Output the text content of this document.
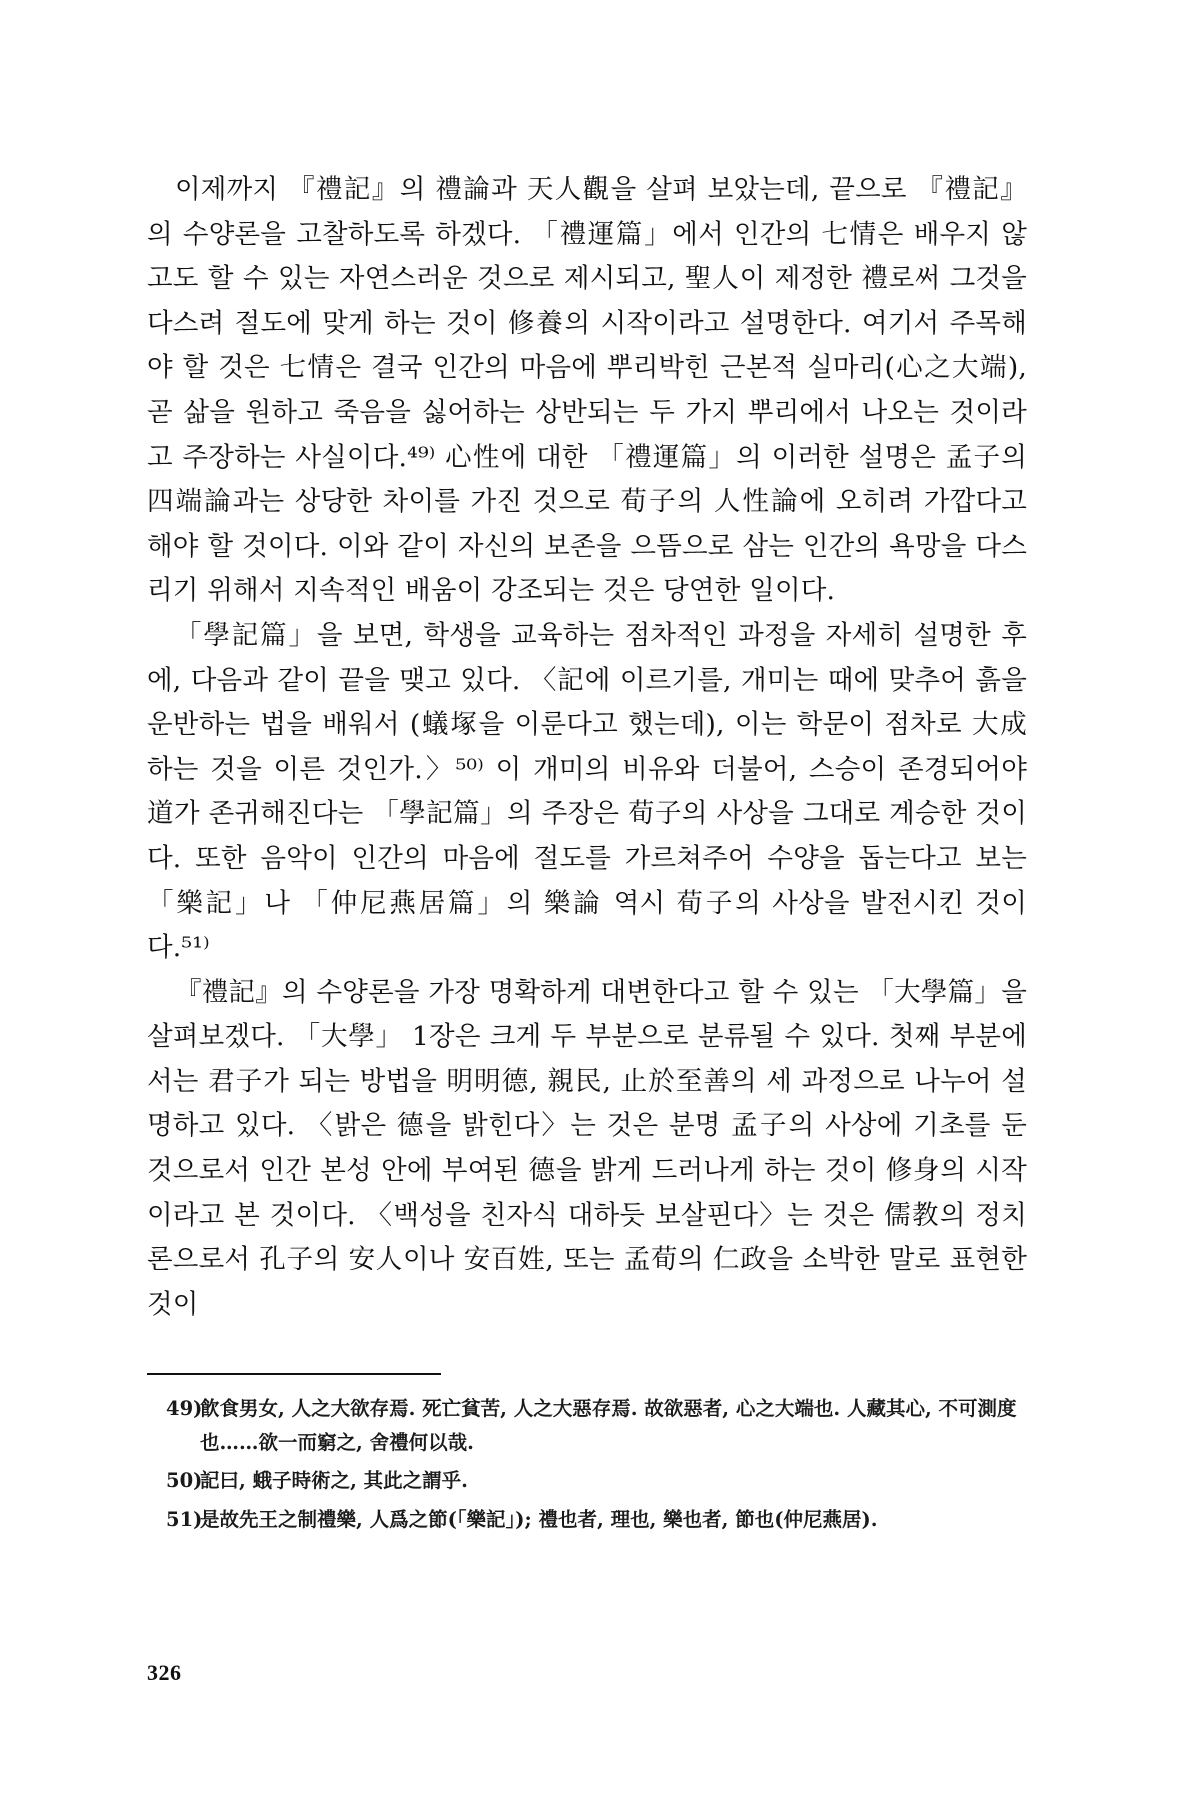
이제까지 『禮記』의 禮論과 天人觀을 살펴 보았는데, 끝으로 『禮記』의 수양론을 고찰하도록 하겠다. 「禮運篇」에서 인간의 七情은 배우지 않고도 할 수 있는 자연스러운 것으로 제시되고, 聖人이 제정한 禮로써 그것을 다스려 절도에 맞게 하는 것이 修養의 시작이라고 설명한다. 여기서 주목해야 할 것은 七情은 결국 인간의 마음에 뿌리박힌 근본적 실마리(心之大端), 곧 삶을 원하고 죽음을 싫어하는 상반되는 두 가지 뿌리에서 나오는 것이라고 주장하는 사실이다.⁴⁹⁾ 心性에 대한 「禮運篇」의 이러한 설명은 孟子의 四端論과는 상당한 차이를 가진 것으로 荀子의 人性論에 오히려 가깝다고 해야 할 것이다. 이와 같이 자신의 보존을 으뜸으로 삼는 인간의 욕망을 다스리기 위해서 지속적인 배움이 강조되는 것은 당연한 일이다.

「學記篇」을 보면, 학생을 교육하는 점차적인 과정을 자세히 설명한 후에, 다음과 같이 끝을 맺고 있다. 〈記에 이르기를, 개미는 때에 맞추어 흙을 운반하는 법을 배워서 (蟻塚을 이룬다고 했는데), 이는 학문이 점차로 大成하는 것을 이른 것인가.〉⁵⁰⁾ 이 개미의 비유와 더불어, 스승이 존경되어야 道가 존귀해진다는 「學記篇」의 주장은 荀子의 사상을 그대로 계승한 것이다. 또한 음악이 인간의 마음에 절도를 가르쳐주어 수양을 돕는다고 보는 「樂記」나 「仲尼燕居篇」의 樂論 역시 荀子의 사상을 발전시킨 것이다.⁵¹⁾

『禮記』의 수양론을 가장 명확하게 대변한다고 할 수 있는 「大學篇」을 살펴보겠다. 「大學」 1장은 크게 두 부분으로 분류될 수 있다. 첫째 부분에서는 君子가 되는 방법을 明明德, 親民, 止於至善의 세 과정으로 나누어 설명하고 있다. 〈밝은 德을 밝힌다〉는 것은 분명 孟子의 사상에 기초를 둔 것으로서 인간 본성 안에 부여된 德을 밝게 드러나게 하는 것이 修身의 시작이라고 본 것이다. 〈백성을 친자식 대하듯 보살핀다〉는 것은 儒教의 정치론으로서 孔子의 安人이나 安百姓, 또는 孟荀의 仁政을 소박한 말로 표현한 것이

49)飮食男女, 人之大欲存焉. 死亡貧苦, 人之大惡存焉. 故欲惡者, 心之大端也. 人藏其心, 不可測度也……欲一而窮之, 舍禮何以哉.

50)記曰, 蛾子時術之, 其此之謂乎.

51)是故先王之制禮樂, 人爲之節(「樂記」); 禮也者, 理也, 樂也者, 節也(仲尼燕居).

326
